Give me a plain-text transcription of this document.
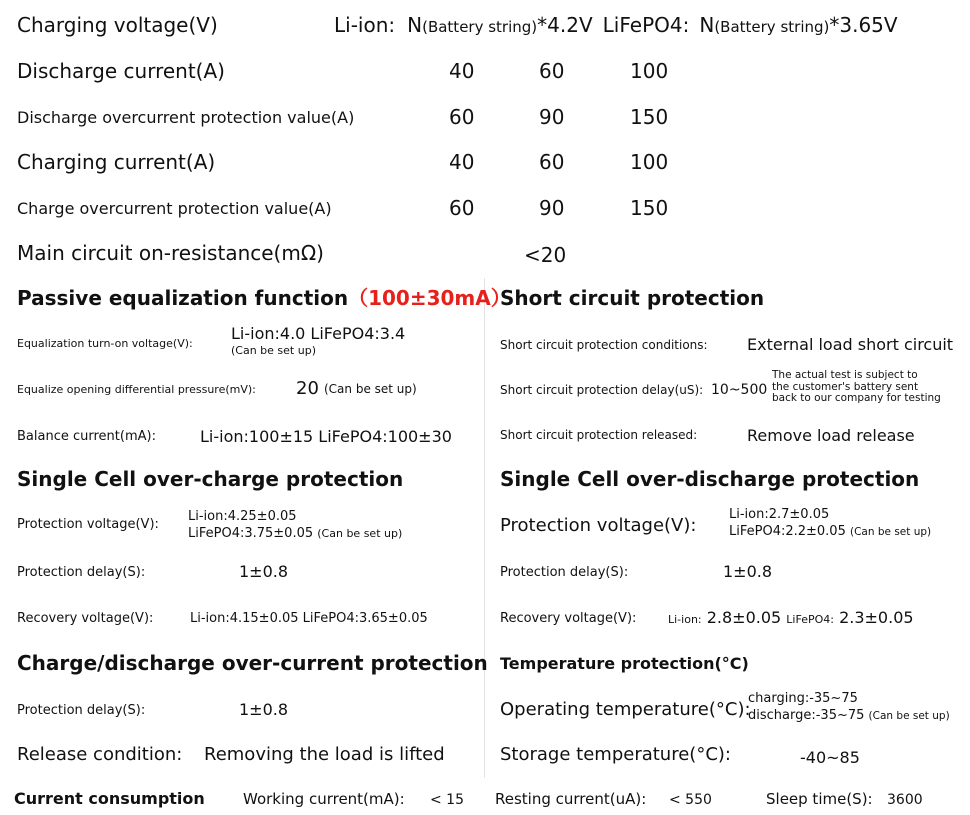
Charging voltage(V)	Li-ion: N(Battery string)*4.2V LiFePO4: N(Battery string)*3.65V
Discharge current(A)	40	60	100
Discharge overcurrent protection value(A)	60	90	150
Charging current(A)	40	60	100
Charge overcurrent protection value(A)	60	90	150
Main circuit on-resistance(mΩ)	<20
Passive equalization function（100±30mA）
Equalization turn-on voltage(V):
Li-ion:4.0 LiFePO4:3.4
(Can be set up)
Equalize opening differential pressure(mV): 20 (Can be set up)
Balance current(mA):	Li-ion:100±15 LiFePO4:100±30
Single Cell over-charge protection
Protection voltage(V):
Li-ion:4.25±0.05
LiFePO4:3.75±0.05 (Can be set up)
Protection delay(S):	1±0.8
Recovery voltage(V):	Li-ion:4.15±0.05 LiFePO4:3.65±0.05
Charge/discharge over-current protection
Protection delay(S):	1±0.8
Release condition: Removing the load is lifted
Short circuit protection
Short circuit protection conditions: External load short circuit
Short circuit protection delay(uS): 10~500
The actual test is subject to
the customer's battery sent
back to our company for testing
Short circuit protection released:	Remove load release
Single Cell over-discharge protection
Protection voltage(V):
Li-ion:2.7±0.05
LiFePO4:2.2±0.05 (Can be set up)
Protection delay(S):	1±0.8
Recovery voltage(V):	Li-ion: 2.8±0.05 LiFePO4: 2.3±0.05
Temperature protection(°C)
Operating temperature(°C):
charging:-35~75
discharge:-35~75 (Can be set up)
Storage temperature(°C):	-40~85
Current consumption	Working current(mA): < 15 Resting current(uA): < 550	Sleep time(S): 3600
